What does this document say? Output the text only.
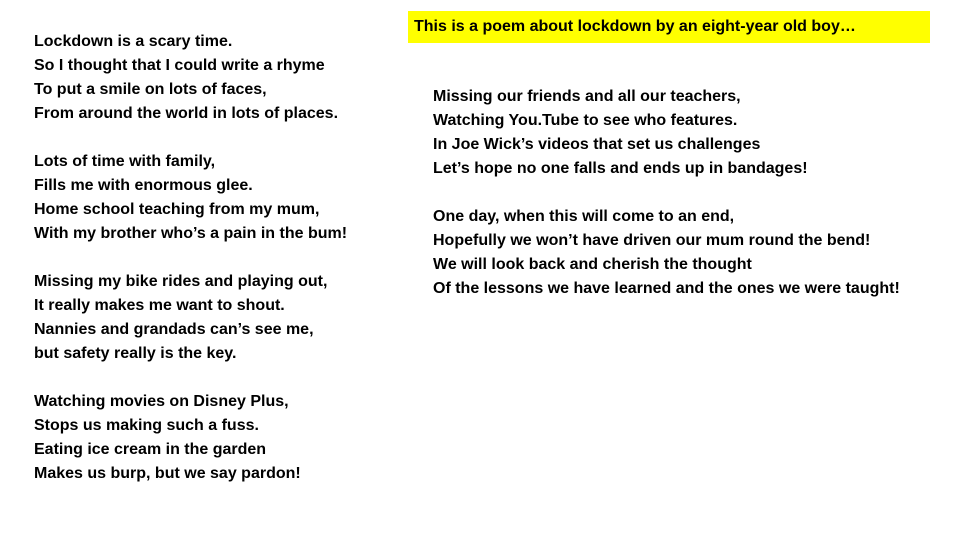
This is a poem about lockdown by an eight-year old boy…
Lockdown is a scary time.
So I thought that I could write a rhyme
To put a smile on lots of faces,
From around the world in lots of places.
Lots of time with family,
Fills me with enormous glee.
Home school teaching from my mum,
With my brother who’s a pain in the bum!
Missing my bike rides and playing out,
It really makes me want to shout.
Nannies and grandads can’s see me,
but safety really is the key.
Watching movies on Disney Plus,
Stops us making such a fuss.
Eating ice cream in the garden
Makes us burp, but we say pardon!
Missing our friends and all our teachers,
Watching You.Tube to see who features.
In Joe Wick’s videos that set us challenges
Let’s hope no one falls and ends up in bandages!
One day, when this will come to an end,
Hopefully we won’t have driven our mum round the bend!
We will look back and cherish the thought
Of the lessons we have learned and the ones we were taught!
